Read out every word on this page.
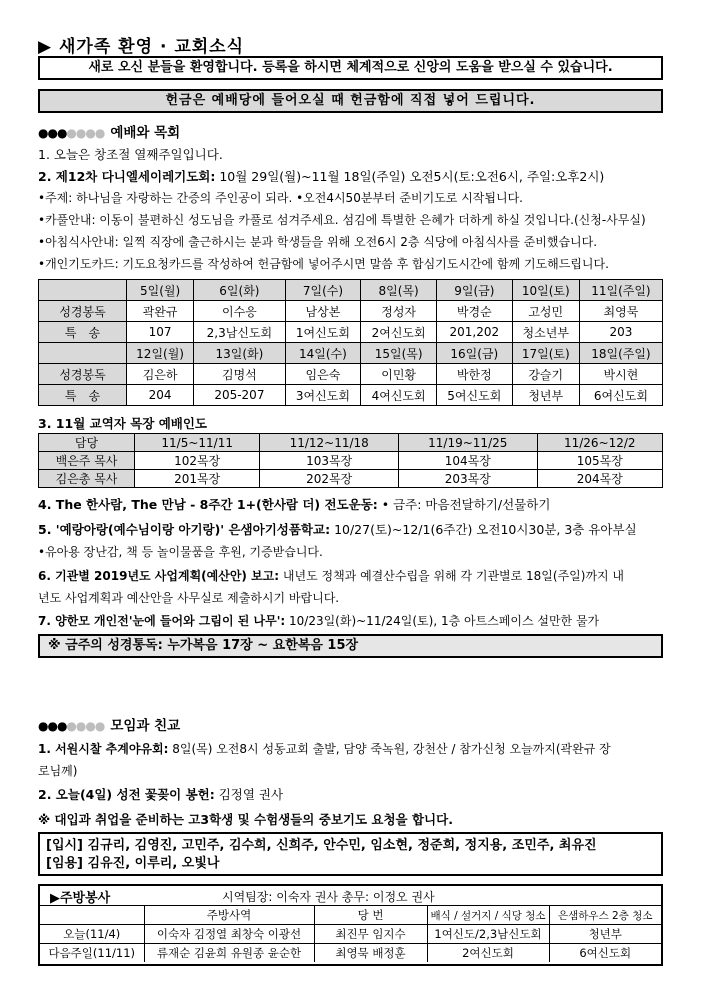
▶ 새가족 환영 · 교회소식
새로 오신 분들을 환영합니다. 등록을 하시면 체계적으로 신앙의 도움을 받으실 수 있습니다.
헌금은 예배당에 들어오실 때 헌금함에 직접 넣어 드립니다.
●●●●●●● 예배와 목회
1. 오늘은 창조절 열째주일입니다.
2. 제12차 다니엘세이레기도회: 10월 29일(월)~11월 18일(주일) 오전5시(토:오전6시, 주일:오후2시)
•주제: 하나님을 자랑하는 간증의 주인공이 되라. •오전4시50분부터 준비기도로 시작됩니다.
•카풀안내: 이동이 불편하신 성도님을 카풀로 섬겨주세요. 섬김에 특별한 은혜가 더하게 하실 것입니다.(신청-사무실)
•아침식사안내: 일찍 직장에 출근하시는 분과 학생들을 위해 오전6시 2층 식당에 아침식사를 준비했습니다.
•개인기도카드: 기도요청카드를 작성하여 헌금함에 넣어주시면 말씀 후 합심기도시간에 함께 기도해드립니다.
	5일(월)	6일(화)	7일(수)	8일(목)	9일(금)	10일(토)	11일(주일)
성경봉독	곽완규	이수응	남상본	정성자	박경순	고성민	최영묵
특　송	107	2,3남신도회	1여신도회	2여신도회	201,202	청소년부	203
	12일(월)	13일(화)	14일(수)	15일(목)	16일(금)	17일(토)	18일(주일)
성경봉독	김은하	김명석	임은숙	이민황	박한정	강슬기	박시현
특　송	204	205-207	3여신도회	4여신도회	5여신도회	청년부	6여신도회
3. 11월 교역자 목장 예배인도
담당	11/5~11/11	11/12~11/18	11/19~11/25	11/26~12/2
백은주 목사	102목장	103목장	104목장	105목장
김은총 목사	201목장	202목장	203목장	204목장
4. The 한사람, The 만남 - 8주간 1+(한사람 더) 전도운동: • 금주: 마음전달하기/선물하기
5. '예랑아랑(예수님이랑 아기랑)' 은샘아기성품학교: 10/27(토)~12/1(6주간) 오전10시30분, 3층 유아부실
•유아용 장난감, 책 등 놀이물품을 후원, 기증받습니다.
6. 기관별 2019년도 사업계획(예산안) 보고: 내년도 정책과 예결산수립을 위해 각 기관별로 18일(주일)까지 내
년도 사업계획과 예산안을 사무실로 제출하시기 바랍니다.
7. 양한모 개인전'눈에 들어와 그림이 된 나무': 10/23일(화)~11/24일(토), 1층 아트스페이스 설만한 물가
※ 금주의 성경통독: 누가복음 17장 ~ 요한복음 15장
●●●●●●● 모임과 친교
1. 서원시찰 추계야유회: 8일(목) 오전8시 성동교회 출발, 담양 죽녹원, 강천산 / 참가신청 오늘까지(곽완규 장
로님께)
2. 오늘(4일) 성전 꽃꽂이 봉헌: 김정열 권사
※ 대입과 취업을 준비하는 고3학생 및 수험생들의 중보기도 요청을 합니다.
[입시] 김규리, 김영진, 고민주, 김수희, 신희주, 안수민, 임소현, 정준희, 정지용, 조민주, 최유진
[임용] 김유진, 이루리, 오빛나
▶주방봉사	시역팀장: 이숙자 권사 총무: 이정오 권사
	주방사역	당 번	배식 / 설거지 / 식당 청소	은샘하우스 2층 청소
오늘(11/4)	이숙자 김정열 최창숙 이광선	최진무 임지수	1여신도/2,3남신도회	청년부
다음주일(11/11)	류재순 김윤희 유원종 윤순한	최영묵 배정훈	2여신도회	6여신도회
